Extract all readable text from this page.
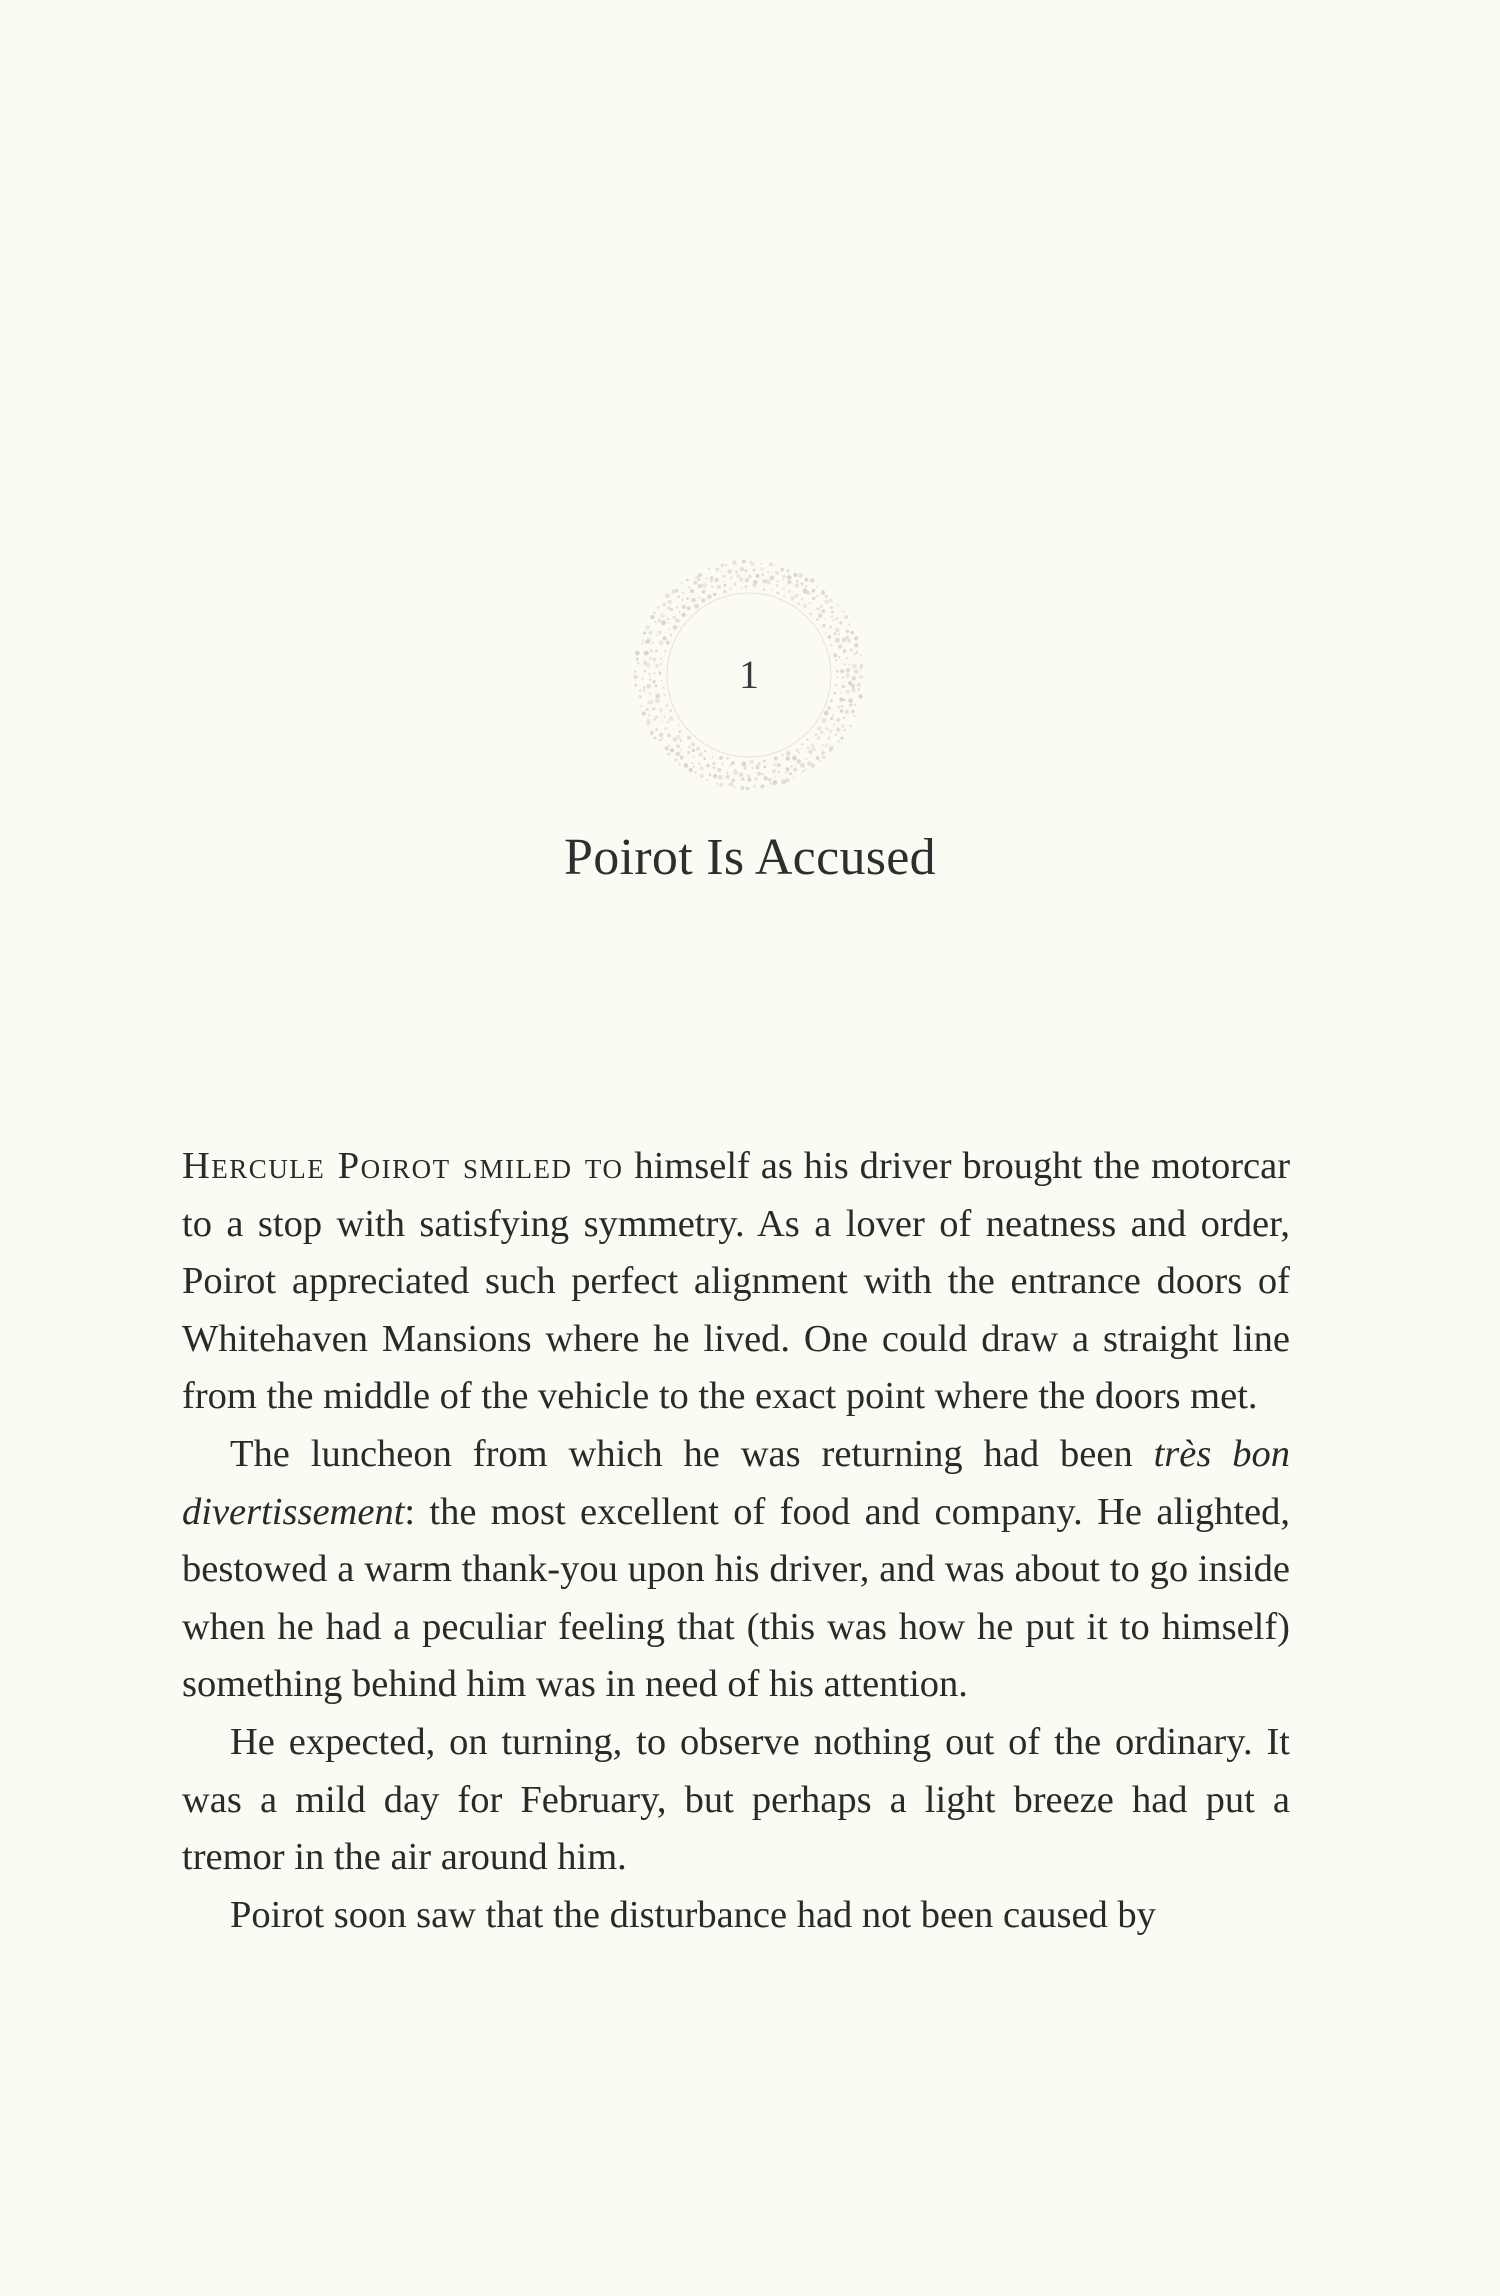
1
Poirot Is Accused

Hercule Poirot smiled to himself as his driver brought the motorcar to a stop with satisfying symmetry. As a lover of neatness and order, Poirot appreciated such perfect alignment with the entrance doors of Whitehaven Mansions where he lived. One could draw a straight line from the middle of the vehicle to the exact point where the doors met.

The luncheon from which he was returning had been très bon divertissement: the most excellent of food and company. He alighted, bestowed a warm thank-you upon his driver, and was about to go inside when he had a peculiar feeling that (this was how he put it to himself) something behind him was in need of his attention.

He expected, on turning, to observe nothing out of the ordinary. It was a mild day for February, but perhaps a light breeze had put a tremor in the air around him.

Poirot soon saw that the disturbance had not been caused by
